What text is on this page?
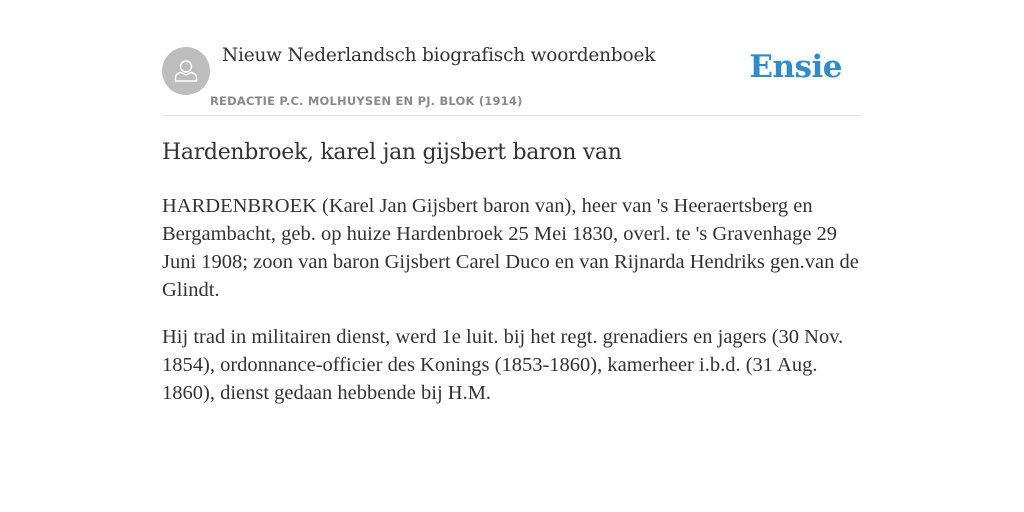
Nieuw Nederlandsch biografisch woordenboek
REDACTIE P.C. MOLHUYSEN EN PJ. BLOK (1914)
Ensie
Hardenbroek, karel jan gijsbert baron van

HARDENBROEK (Karel Jan Gijsbert baron van), heer van 's Heeraertsberg en Bergambacht, geb. op huize Hardenbroek 25 Mei 1830, overl. te 's Gravenhage 29 Juni 1908; zoon van baron Gijsbert Carel Duco en van Rijnarda Hendriks gen.van de Glindt.

Hij trad in militairen dienst, werd 1e luit. bij het regt. grenadiers en jagers (30 Nov. 1854), ordonnance-officier des Konings (1853-1860), kamerheer i.b.d. (31 Aug. 1860), dienst gedaan hebbende bij H.M.
